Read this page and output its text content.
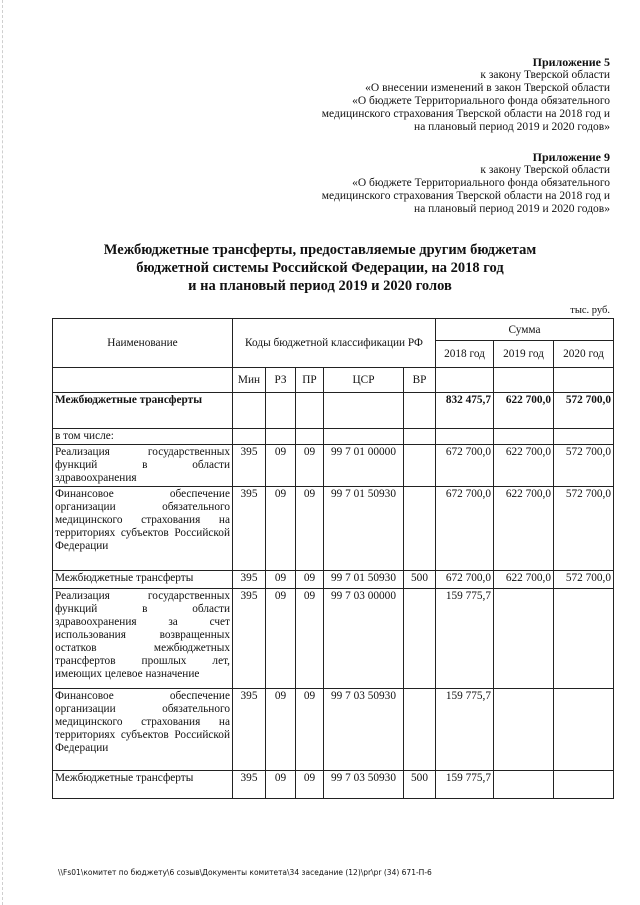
Приложение 5
к закону Тверской области
«О внесении изменений в закон Тверской области
«О бюджете Территориального фонда обязательного
медицинского страхования Тверской области на 2018 год и
на плановый период 2019 и 2020 годов»
Приложение 9
к закону Тверской области
«О бюджете Территориального фонда обязательного
медицинского страхования Тверской области на 2018 год и
на плановый период 2019 и 2020 годов»
Межбюджетные трансферты, предоставляемые другим бюджетам
бюджетной системы Российской Федерации, на 2018 год
и на плановый период 2019 и 2020 голов
тыс. руб.
Наименование	Коды бюджетной классификации РФ					Сумма		
						2018 год	2019 год	2020 год
	Мин	РЗ	ПР	ЦСР	ВР			
Межбюджетные трансферты						832 475,7	622 700,0	572 700,0
в том числе:								
Реализация государственных функций в области здравоохранения	395	09	09	99 7 01 00000		672 700,0	622 700,0	572 700,0
Финансовое обеспечение организации обязательного медицинского страхования на территориях субъектов Российской Федерации	395	09	09	99 7 01 50930		672 700,0	622 700,0	572 700,0
Межбюджетные трансферты	395	09	09	99 7 01 50930	500	672 700,0	622 700,0	572 700,0
Реализация государственных функций в области здравоохранения за счет использования возвращенных остатков межбюджетных трансфертов прошлых лет, имеющих целевое назначение	395	09	09	99 7 03 00000		159 775,7		
Финансовое обеспечение организации обязательного медицинского страхования на территориях субъектов Российской Федерации	395	09	09	99 7 03 50930		159 775,7		
Межбюджетные трансферты	395	09	09	99 7 03 50930	500	159 775,7		
\\Fs01\комитет по бюджету\6 созыв\Документы комитета\34 заседание (12)\рr\рr (34) 671-П-6
